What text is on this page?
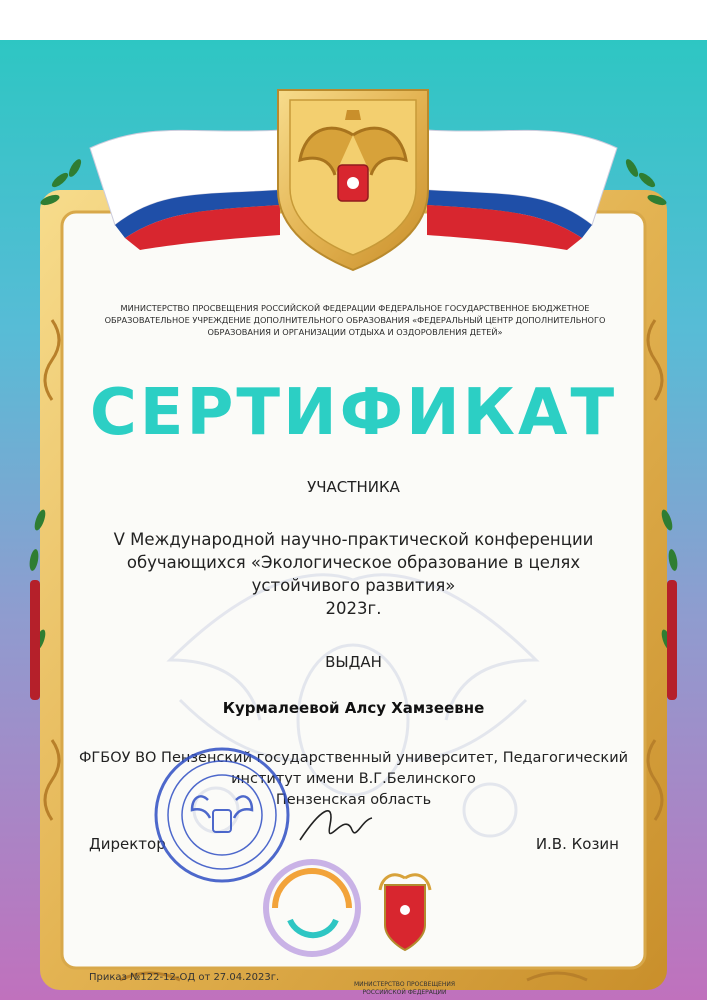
МИНИСТЕРСТВО ПРОСВЕЩЕНИЯ РОССИЙСКОЙ ФЕДЕРАЦИИ ФЕДЕРАЛЬНОЕ ГОСУДАРСТВЕННОЕ БЮДЖЕТНОЕ ОБРАЗОВАТЕЛЬНОЕ УЧРЕЖДЕНИЕ ДОПОЛНИТЕЛЬНОГО ОБРАЗОВАНИЯ «ФЕДЕРАЛЬНЫЙ ЦЕНТР ДОПОЛНИТЕЛЬНОГО ОБРАЗОВАНИЯ И ОРГАНИЗАЦИИ ОТДЫХА И ОЗДОРОВЛЕНИЯ ДЕТЕЙ»
СЕРТИФИКАТ
УЧАСТНИКА
V Международной научно-практической конференции
обучающихся «Экологическое образование в целях
устойчивого развития»
2023г.
ВЫДАН
Курмалеевой Алсу Хамзеевне
ФГБОУ ВО Пензенский государственный университет, Педагогический
институт имени В.Г.Белинского
Пензенская область
Директор	И.В. Козин
Приказ №122-12-ОД от 27.04.2023г.
МИНИСТЕРСТВО ПРОСВЕЩЕНИЯ РОССИЙСКОЙ ФЕДЕРАЦИИ
